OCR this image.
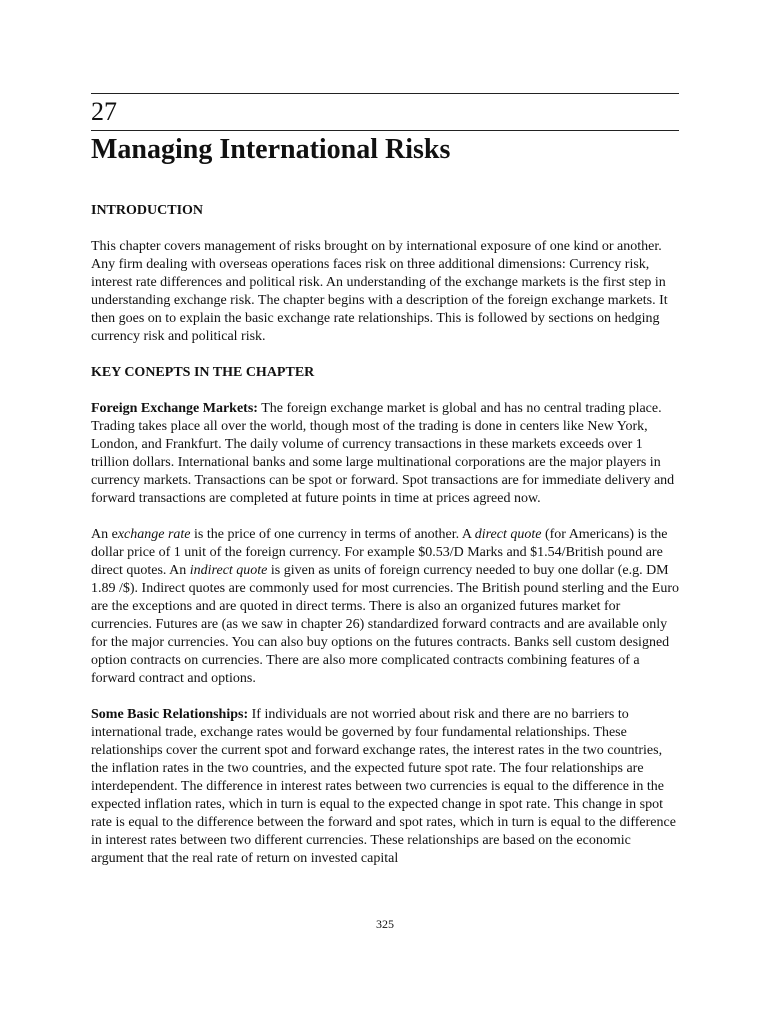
27
Managing International Risks

INTRODUCTION

This chapter covers management of risks brought on by international exposure of one kind or another. Any firm dealing with overseas operations faces risk on three additional dimensions: Currency risk, interest rate differences and political risk. An understanding of the exchange markets is the first step in understanding exchange risk. The chapter begins with a description of the foreign exchange markets. It then goes on to explain the basic exchange rate relationships. This is followed by sections on hedging currency risk and political risk.

KEY CONEPTS IN THE CHAPTER

Foreign Exchange Markets: The foreign exchange market is global and has no central trading place. Trading takes place all over the world, though most of the trading is done in centers like New York, London, and Frankfurt. The daily volume of currency transactions in these markets exceeds over 1 trillion dollars. International banks and some large multinational corporations are the major players in currency markets. Transactions can be spot or forward. Spot transactions are for immediate delivery and forward transactions are completed at future points in time at prices agreed now.

An exchange rate is the price of one currency in terms of another. A direct quote (for Americans) is the dollar price of 1 unit of the foreign currency. For example $0.53/D Marks and $1.54/British pound are direct quotes. An indirect quote is given as units of foreign currency needed to buy one dollar (e.g. DM 1.89 /$). Indirect quotes are commonly used for most currencies. The British pound sterling and the Euro are the exceptions and are quoted in direct terms. There is also an organized futures market for currencies. Futures are (as we saw in chapter 26) standardized forward contracts and are available only for the major currencies. You can also buy options on the futures contracts. Banks sell custom designed option contracts on currencies. There are also more complicated contracts combining features of a forward contract and options.

Some Basic Relationships: If individuals are not worried about risk and there are no barriers to international trade, exchange rates would be governed by four fundamental relationships. These relationships cover the current spot and forward exchange rates, the interest rates in the two countries, the inflation rates in the two countries, and the expected future spot rate. The four relationships are interdependent. The difference in interest rates between two currencies is equal to the difference in the expected inflation rates, which in turn is equal to the expected change in spot rate. This change in spot rate is equal to the difference between the forward and spot rates, which in turn is equal to the difference in interest rates between two different currencies. These relationships are based on the economic argument that the real rate of return on invested capital

325
